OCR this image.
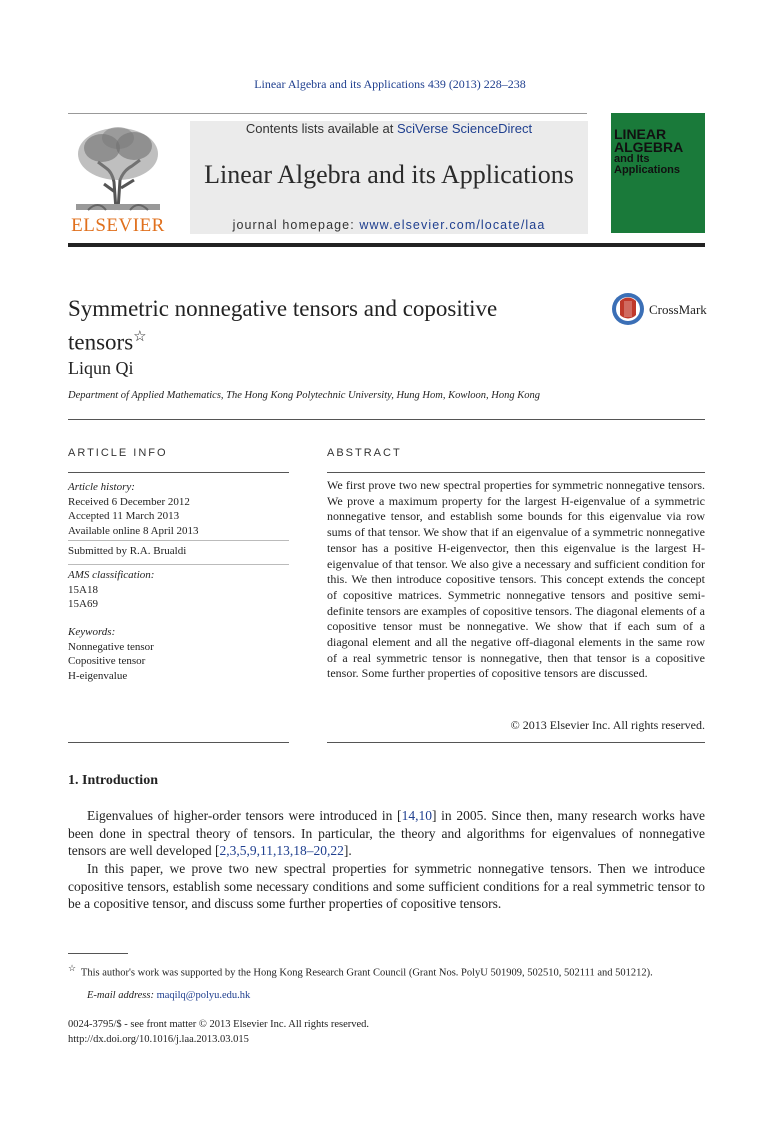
Linear Algebra and its Applications 439 (2013) 228–238
ELSEVIER
Contents lists available at SciVerse ScienceDirect
Linear Algebra and its Applications
journal homepage: www.elsevier.com/locate/laa
LINEAR
ALGEBRA
and Its
Applications
Symmetric nonnegative tensors and copositive
tensors☆
CrossMark
Liqun Qi
Department of Applied Mathematics, The Hong Kong Polytechnic University, Hung Hom, Kowloon, Hong Kong
ARTICLE INFO
Article history:
Received 6 December 2012
Accepted 11 March 2013
Available online 8 April 2013
Submitted by R.A. Brualdi
AMS classification:
15A18
15A69
Keywords:
Nonnegative tensor
Copositive tensor
H-eigenvalue
ABSTRACT
We first prove two new spectral properties for symmetric nonnegative tensors. We prove a maximum property for the largest H-eigenvalue of a symmetric nonnegative tensor, and establish some bounds for this eigenvalue via row sums of that tensor. We show that if an eigenvalue of a symmetric nonnegative tensor has a positive H-eigenvector, then this eigenvalue is the largest H-eigenvalue of that tensor. We also give a necessary and sufficient condition for this. We then introduce copositive tensors. This concept extends the concept of copositive matrices. Symmetric nonnegative tensors and positive semi-definite tensors are examples of copositive tensors. The diagonal elements of a copositive tensor must be nonnegative. We show that if each sum of a diagonal element and all the negative off-diagonal elements in the same row of a real symmetric tensor is nonnegative, then that tensor is a copositive tensor. Some further properties of copositive tensors are discussed.
© 2013 Elsevier Inc. All rights reserved.
1. Introduction
Eigenvalues of higher-order tensors were introduced in [14,10] in 2005. Since then, many research works have been done in spectral theory of tensors. In particular, the theory and algorithms for eigenvalues of nonnegative tensors are well developed [2,3,5,9,11,13,18–20,22].
In this paper, we prove two new spectral properties for symmetric nonnegative tensors. Then we introduce copositive tensors, establish some necessary conditions and some sufficient conditions for a real symmetric tensor to be a copositive tensor, and discuss some further properties of copositive tensors.
☆ This author's work was supported by the Hong Kong Research Grant Council (Grant Nos. PolyU 501909, 502510, 502111 and 501212).
E-mail address: maqilq@polyu.edu.hk
0024-3795/$ - see front matter © 2013 Elsevier Inc. All rights reserved.
http://dx.doi.org/10.1016/j.laa.2013.03.015
